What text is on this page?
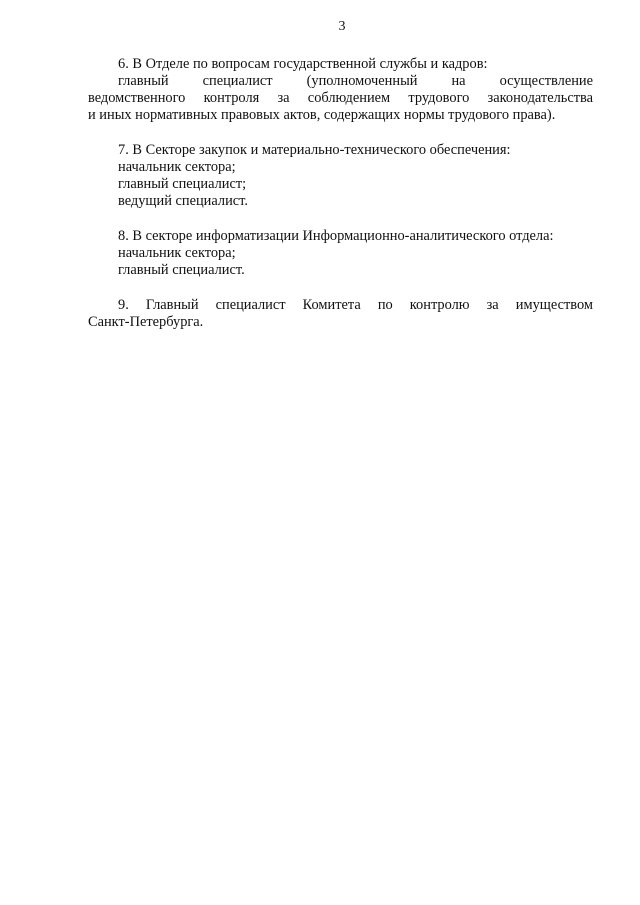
3
6. В Отделе по вопросам государственной службы и кадров:
главный специалист (уполномоченный на осуществление
ведомственного контроля за соблюдением трудового законодательства
и иных нормативных правовых актов, содержащих нормы трудового права).
7. В Секторе закупок и материально-технического обеспечения:
начальник сектора;
главный специалист;
ведущий специалист.
8. В секторе информатизации Информационно-аналитического отдела:
начальник сектора;
главный специалист.
9. Главный специалист Комитета по контролю за имуществом
Санкт-Петербурга.
